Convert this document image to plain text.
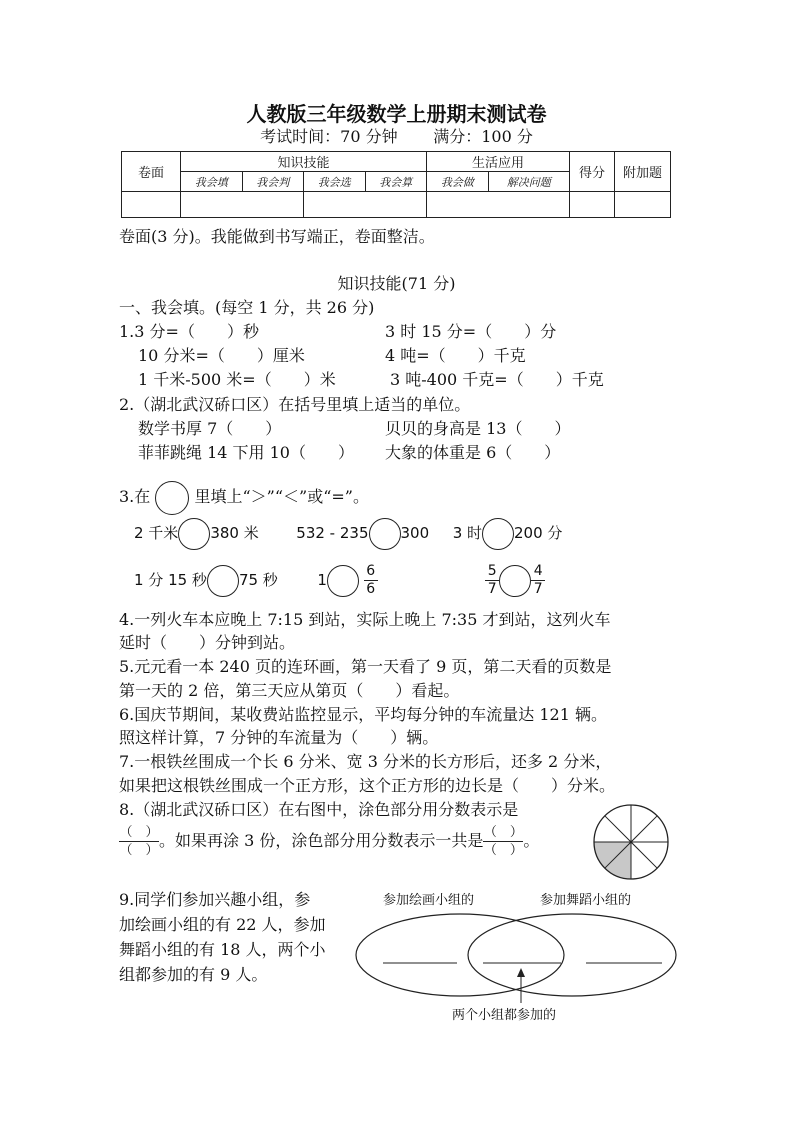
人教版三年级数学上册期末测试卷
考试时间：70 分钟 满分：100 分
卷面	知识技能				生活应用		得分	附加题
	我会填	我会判	我会选	我会算	我会做	解决问题		

卷面(3 分)。我能做到书写端正，卷面整洁。
知识技能(71 分)
一、我会填。(每空 1 分，共 26 分)
1.3 分=（　　）秒	3 时 15 分=（　　）分
10 分米=（　　）厘米	4 吨=（　　）千克
1 千米-500 米=（　　）米	3 吨-400 千克=（　　）千克
2.（湖北武汉硚口区）在括号里填上适当的单位。
数学书厚 7（　　）	贝贝的身高是 13（　　）
菲菲跳绳 14 下用 10（　　） 大象的体重是 6（　　）
3.在	里填上“＞”“＜”或“=”。
2 千米 380 米	532 - 235 300 3 时 200 分
1 分 15 秒 75 秒	1	$\frac{6}{6}$
	$\frac{5}{7} \frac{4}{7}$
4.一列火车本应晚上 7:15 到站，实际上晚上 7:35 才到站，这列火车
延时（　　）分钟到站。
5.元元看一本 240 页的连环画，第一天看了 9 页，第二天看的页数是
第一天的 2 倍，第三天应从第页（　　）看起。
6.国庆节期间，某收费站监控显示，平均每分钟的车流量达 121 辆。
照这样计算，7 分钟的车流量为（　　）辆。
7.一根铁丝围成一个长 6 分米、宽 3 分米的长方形后，还多 2 分米，
如果把这根铁丝围成一个正方形，这个正方形的边长是（　　）分米。
8.（湖北武汉硚口区）在右图中，涂色部分用分数表示是
（　）
（　）
。如果再涂 3 份，涂色部分用分数表示一共是 （　）
（　）
。
9.同学们参加兴趣小组，参
加绘画小组的有 22 人，参加
舞蹈小组的有 18 人，两个小
组都参加的有 9 人。
参加绘画小组的	参加舞蹈小组的
两个小组都参加的
